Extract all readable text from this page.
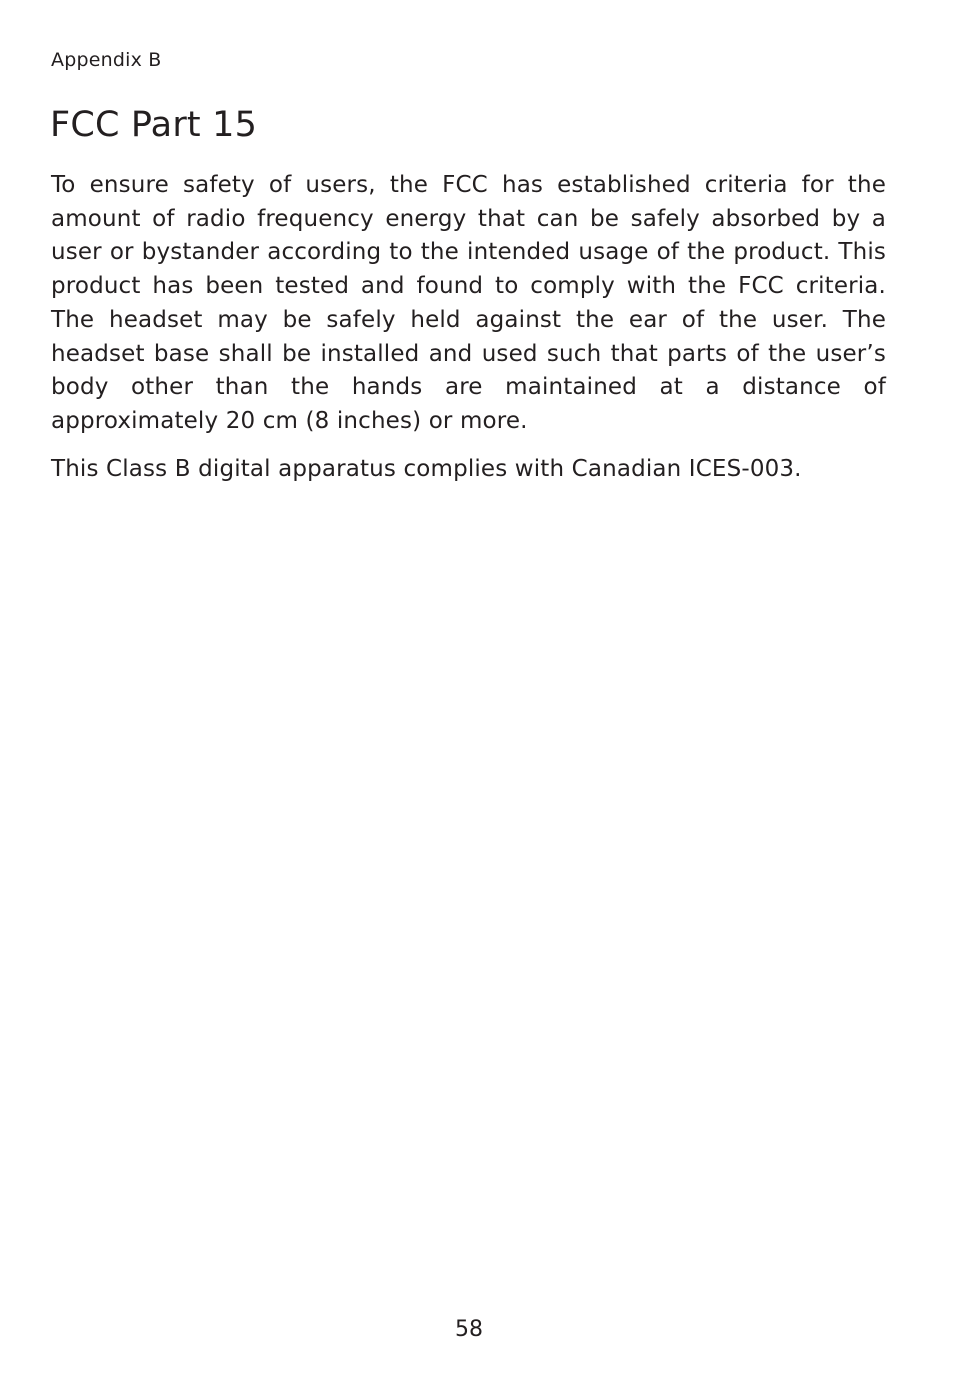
Appendix B
FCC Part 15

To ensure safety of users, the FCC has established criteria for the amount of radio frequency energy that can be safely absorbed by a user or bystander according to the intended usage of the product. This product has been tested and found to comply with the FCC criteria. The headset may be safely held against the ear of the user. The headset base shall be installed and used such that parts of the user’s body other than the hands are maintained at a distance of approximately 20 cm (8 inches) or more.

This Class B digital apparatus complies with Canadian ICES-003.

58
